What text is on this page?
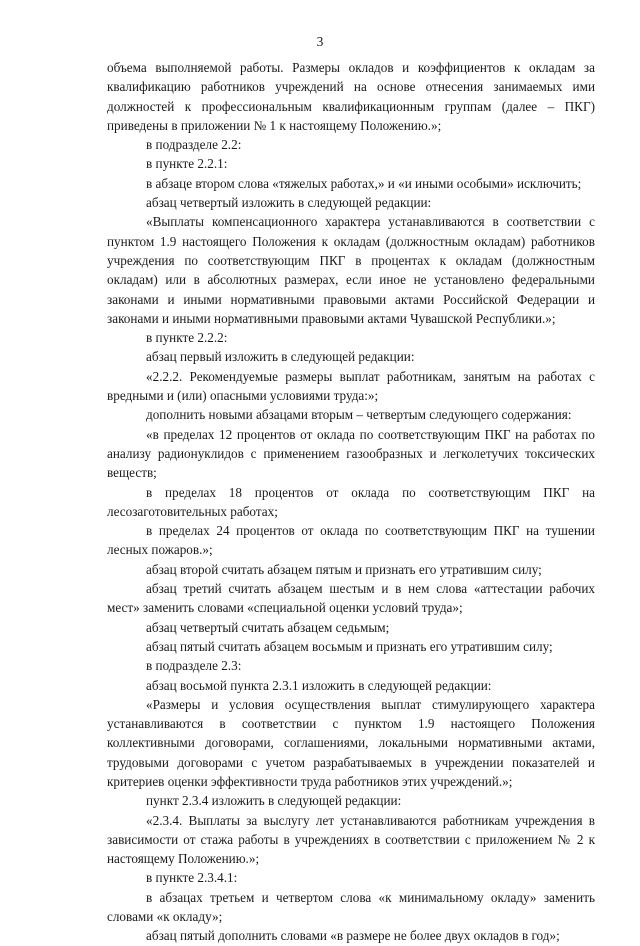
3

объема выполняемой работы. Размеры окладов и коэффициентов к окладам за квалификацию работников учреждений на основе отнесения занимаемых ими должностей к профессиональным квалификационным группам (далее – ПКГ) приведены в приложении № 1 к настоящему Положению.»;

в подразделе 2.2:

в пункте 2.2.1:

в абзаце втором слова «тяжелых работах,» и «и иными особыми» исключить;

абзац четвертый изложить в следующей редакции:

«Выплаты компенсационного характера устанавливаются в соответствии с пунктом 1.9 настоящего Положения к окладам (должностным окладам) работников учреждения по соответствующим ПКГ в процентах к окладам (должностным окладам) или в абсолютных размерах, если иное не установлено федеральными законами и иными нормативными правовыми актами Российской Федерации и законами и иными нормативными правовыми актами Чувашской Республики.»;

в пункте 2.2.2:

абзац первый изложить в следующей редакции:

«2.2.2. Рекомендуемые размеры выплат работникам, занятым на работах с вредными и (или) опасными условиями труда:»;

дополнить новыми абзацами вторым – четвертым следующего содержания:

«в пределах 12 процентов от оклада по соответствующим ПКГ на работах по анализу радионуклидов с применением газообразных и легколетучих токсических веществ;

в пределах 18 процентов от оклада по соответствующим ПКГ на лесозаготовительных работах;

в пределах 24 процентов от оклада по соответствующим ПКГ на тушении лесных пожаров.»;

абзац второй считать абзацем пятым и признать его утратившим силу;

абзац третий считать абзацем шестым и в нем слова «аттестации рабочих мест» заменить словами «специальной оценки условий труда»;

абзац четвертый считать абзацем седьмым;

абзац пятый считать абзацем восьмым и признать его утратившим силу;

в подразделе 2.3:

абзац восьмой пункта 2.3.1 изложить в следующей редакции:

«Размеры и условия осуществления выплат стимулирующего характера устанавливаются в соответствии с пунктом 1.9 настоящего Положения коллективными договорами, соглашениями, локальными нормативными актами, трудовыми договорами с учетом разрабатываемых в учреждении показателей и критериев оценки эффективности труда работников этих учреждений.»;

пункт 2.3.4 изложить в следующей редакции:

«2.3.4. Выплаты за выслугу лет устанавливаются работникам учреждения в зависимости от стажа работы в учреждениях в соответствии с приложением № 2 к настоящему Положению.»;

в пункте 2.3.4.1:

в абзацах третьем и четвертом слова «к минимальному окладу» заменить словами «к окладу»;

абзац пятый дополнить словами «в размере не более двух окладов в год»;
